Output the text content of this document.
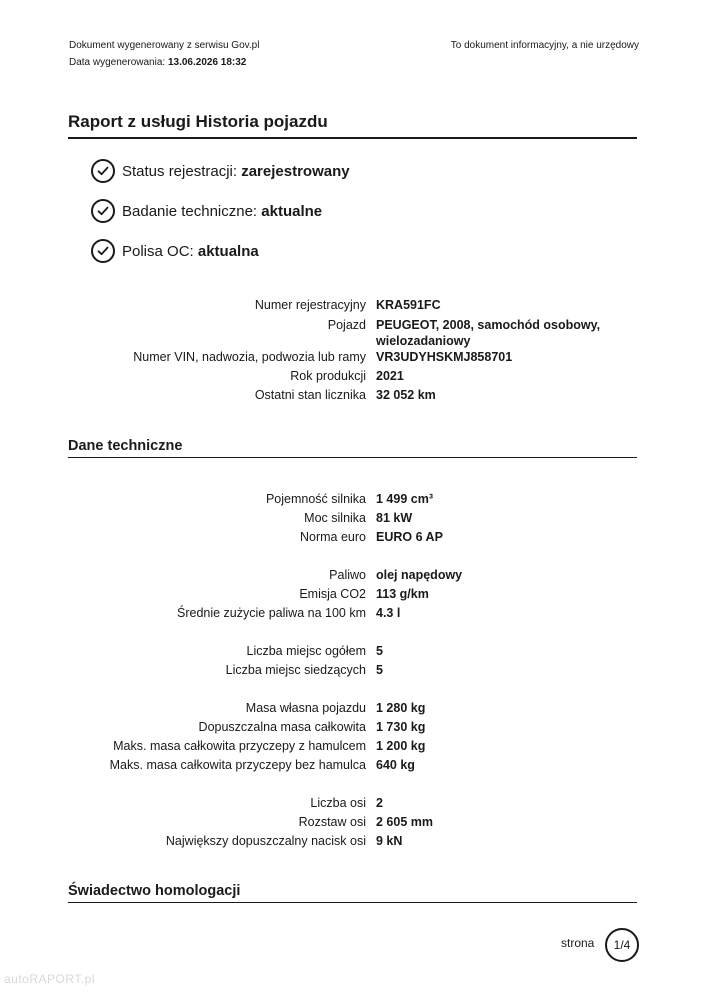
Dokument wygenerowany z serwisu Gov.pl
Data wygenerowania: 13.06.2026 18:32
To dokument informacyjny, a nie urzędowy
Raport z usługi Historia pojazdu
Status rejestracji:
zarejestrowany
Badanie techniczne:
aktualne
Polisa OC:
aktualna
Numer rejestracyjny KRA591FC
Pojazd PEUGEOT, 2008, samochód osobowy, wielozadaniowy
Numer VIN, nadwozia, podwozia lub ramy VR3UDYHSKMJ858701
Rok produkcji 2021
Ostatni stan licznika 32 052 km
Dane techniczne
Pojemność silnika 1 499 cm³
Moc silnika 81 kW
Norma euro EURO 6 AP
Paliwo olej napędowy
Emisja CO2 113 g/km
Średnie zużycie paliwa na 100 km 4.3 l
Liczba miejsc ogółem 5
Liczba miejsc siedzących 5
Masa własna pojazdu 1 280 kg
Dopuszczalna masa całkowita 1 730 kg
Maks. masa całkowita przyczepy z hamulcem 1 200 kg
Maks. masa całkowita przyczepy bez hamulca 640 kg
Liczba osi 2
Rozstaw osi 2 605 mm
Największy dopuszczalny nacisk osi 9 kN
Świadectwo homologacji
strona	1/4
autoRAPORT.pl
